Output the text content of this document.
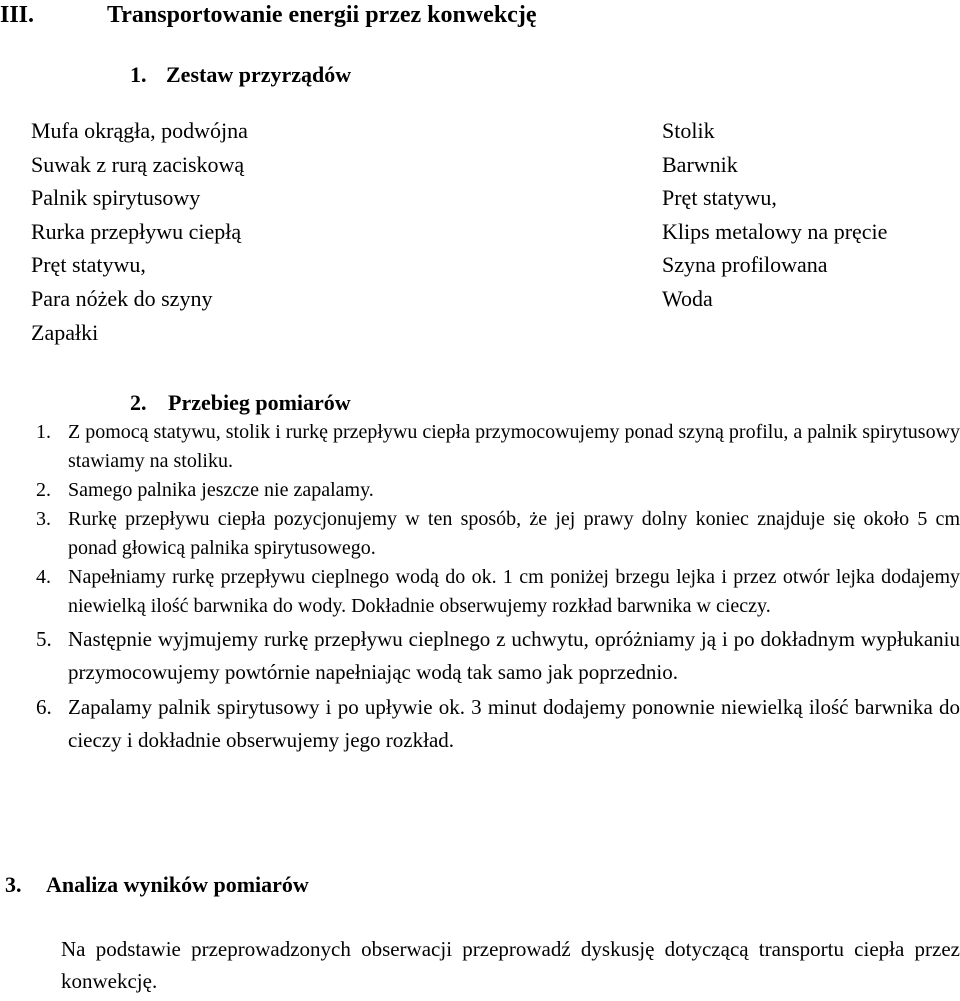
III.	Transportowanie energii przez konwekcję
1. Zestaw przyrządów
Mufa okrągła, podwójna
Suwak z rurą zaciskową
Palnik spirytusowy
Rurka przepływu ciepłą
Pręt statywu,
Para nóżek do szyny
Zapałki
Stolik
Barwnik
Pręt statywu,
Klips metalowy na pręcie
Szyna profilowana
Woda
2. Przebieg pomiarów
1. Z pomocą statywu, stolik i rurkę przepływu ciepła przymocowujemy ponad szyną profilu, a palnik spirytusowy stawiamy na stoliku.
2. Samego palnika jeszcze nie zapalamy.
3. Rurkę przepływu ciepła pozycjonujemy w ten sposób, że jej prawy dolny koniec znajduje się około 5 cm ponad głowicą palnika spirytusowego.
4. Napełniamy rurkę przepływu cieplnego wodą do ok. 1 cm poniżej brzegu lejka i przez otwór lejka dodajemy niewielką ilość barwnika do wody. Dokładnie obserwujemy rozkład barwnika w cieczy.
5. Następnie wyjmujemy rurkę przepływu cieplnego z uchwytu, opróżniamy ją i po dokładnym wypłukaniu przymocowujemy powtórnie napełniając wodą tak samo jak poprzednio.
6. Zapalamy palnik spirytusowy i po upływie ok. 3 minut dodajemy ponownie niewielką ilość barwnika do cieczy i dokładnie obserwujemy jego rozkład.
3. Analiza wyników pomiarów
Na podstawie przeprowadzonych obserwacji przeprowadź dyskusję dotyczącą transportu ciepła przez konwekcję.
